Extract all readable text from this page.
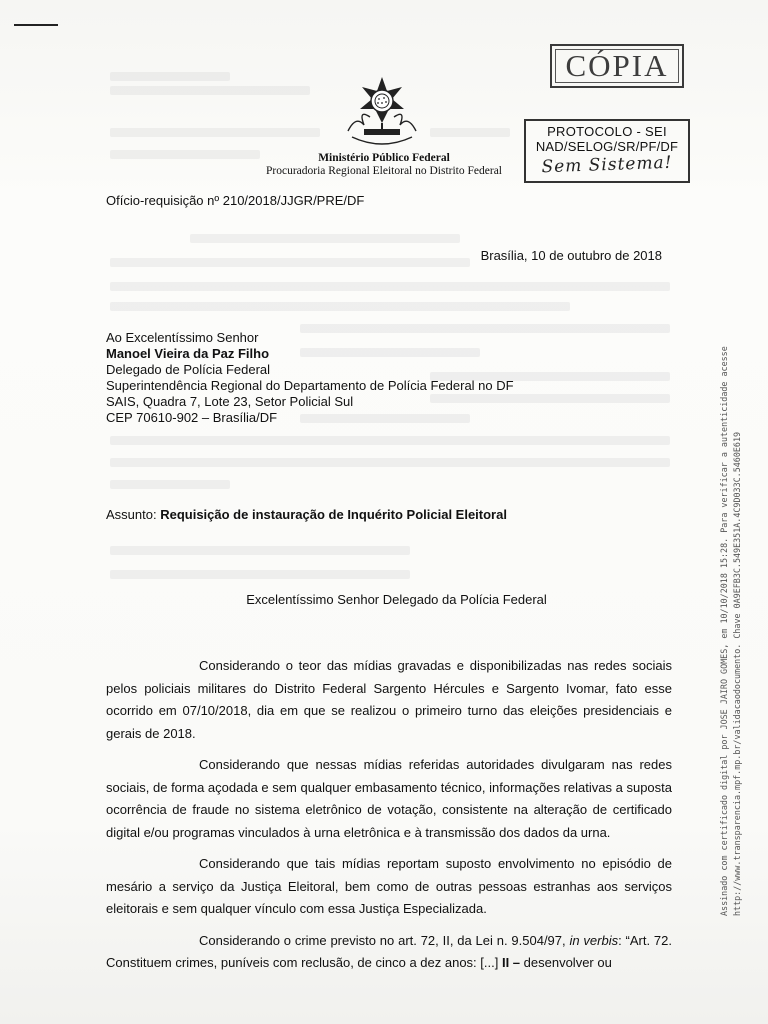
CÓPIA
PROTOCOLO - SEI
NAD/SELOG/SR/PF/DF
Sem Sistema!
Ministério Público Federal
Procuradoria Regional Eleitoral no Distrito Federal
Ofício-requisição nº 210/2018/JJGR/PRE/DF
Brasília, 10 de outubro de 2018
Ao Excelentíssimo Senhor
Manoel Vieira da Paz Filho
Delegado de Polícia Federal
Superintendência Regional do Departamento de Polícia Federal no DF
SAIS, Quadra 7, Lote 23, Setor Policial Sul
CEP 70610-902 – Brasília/DF
Assunto: Requisição de instauração de Inquérito Policial Eleitoral
Excelentíssimo Senhor Delegado da Polícia Federal

Considerando o teor das mídias gravadas e disponibilizadas nas redes sociais pelos policiais militares do Distrito Federal Sargento Hércules e Sargento Ivomar, fato esse ocorrido em 07/10/2018, dia em que se realizou o primeiro turno das eleições presidenciais e gerais de 2018.

Considerando que nessas mídias referidas autoridades divulgaram nas redes sociais, de forma açodada e sem qualquer embasamento técnico, informações relativas a suposta ocorrência de fraude no sistema eletrônico de votação, consistente na alteração de certificado digital e/ou programas vinculados à urna eletrônica e à transmissão dos dados da urna.

Considerando que tais mídias reportam suposto envolvimento no episódio de mesário a serviço da Justiça Eleitoral, bem como de outras pessoas estranhas aos serviços eleitorais e sem qualquer vínculo com essa Justiça Especializada.

Considerando o crime previsto no art. 72, II, da Lei n. 9.504/97, in verbis: “Art. 72. Constituem crimes, puníveis com reclusão, de cinco a dez anos: [...] II – desenvolver ou

Assinado com certificado digital por JOSE JAIRO GOMES, em 10/10/2018 15:28. Para verificar a autenticidade acesse http://www.transparencia.mpf.mp.br/validacaodocumento. Chave 0A9EFB3C.549E351A.4C9D033C.5460E619
